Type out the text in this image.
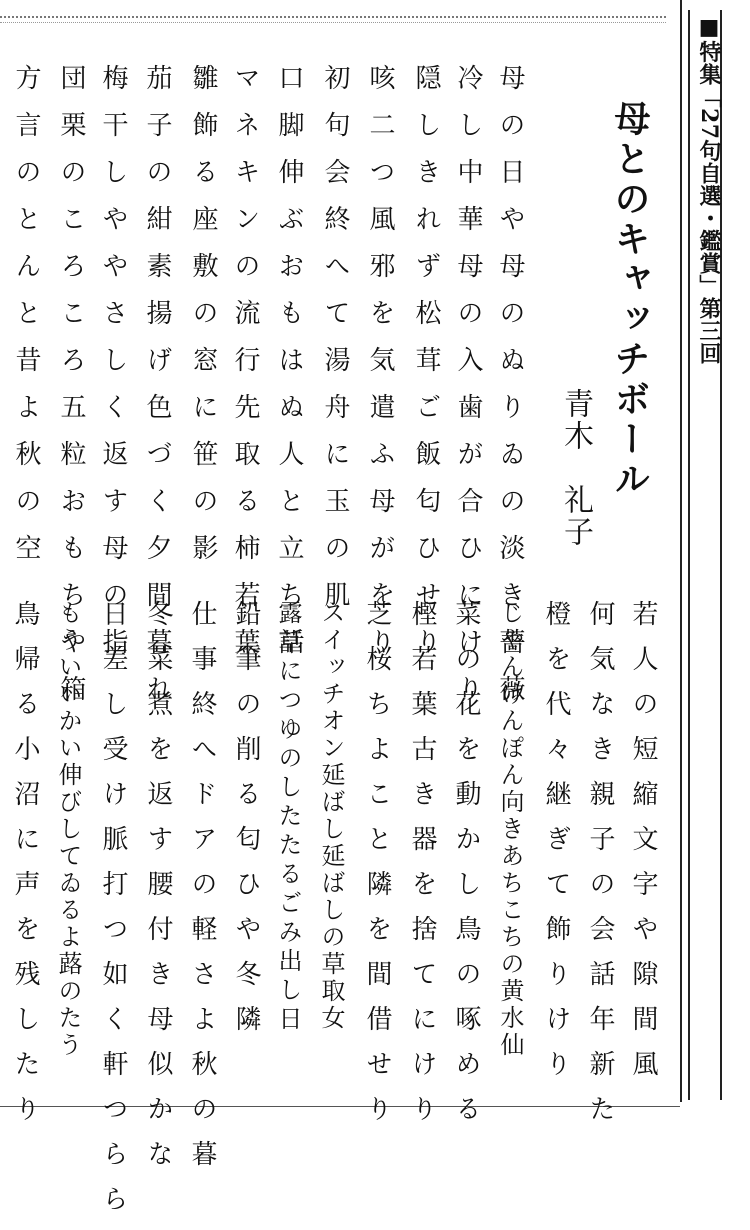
■特集「27句自選・鑑賞」第三回
母とのキャッチボール
青木　礼子
母の日や母のぬりゐの淡き薔薇
冷し中華母の入歯が合ひにけり
隠しきれず松茸ご飯匂ひせり
咳二つ風邪を気遣ふ母がをり
初句会終へて湯舟に玉の肌
口脚伸ぶおもはぬ人と立ち話
マネキンの流行先取る柿若葉
雛飾る座敷の窓に笹の影
茄子の紺素揚げ色づく夕間暮れ
梅干しややさしく返す母の指
団栗のころころ五粒おもちや箱
方言のとんと昔よ秋の空
若人の短縮文字や隙間風
何気なき親子の会話年新た
橙を代々継ぎて飾りけり
じやんけんぽん向きあちこちの黄水仙
菜の花を動かし鳥の啄める
樫若葉古き器を捨てにけり
芝桜ちよこと隣を間借せり
スイッチオン延ばし延ばしの草取女
露草につゆのしたたるごみ出し日
鉛筆の削る匂ひや冬隣
仕事終へドアの軽さよ秋の暮
冬菜煮を返す腰付き母似かな
日差し受け脈打つ如く軒つらら
もういいかい伸びしてゐるよ蕗のたう
鳥帰る小沼に声を残したり
